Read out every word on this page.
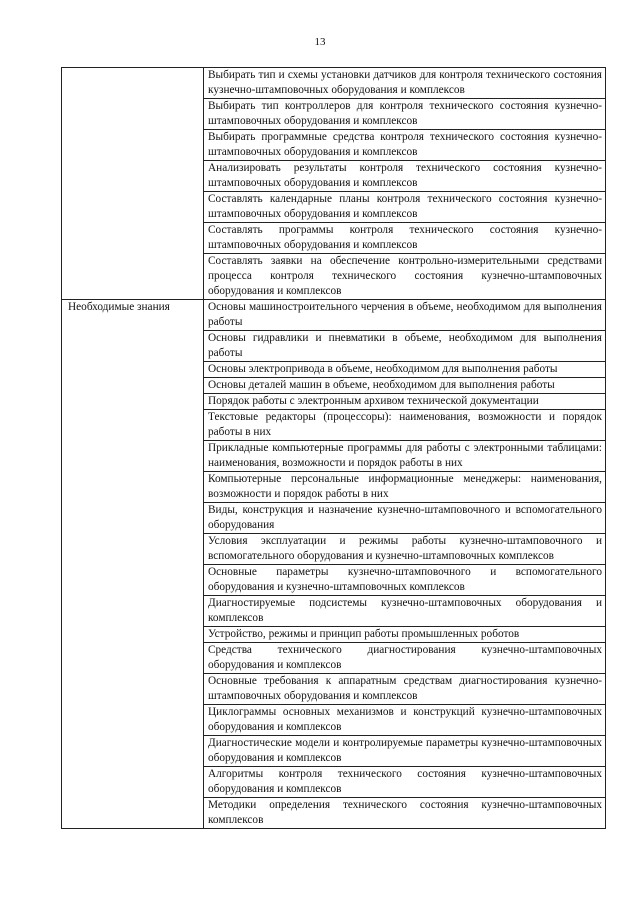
13

	Выбирать тип и схемы установки датчиков для контроля технического состояния кузнечно-штамповочных оборудования и комплексов

	Выбирать тип контроллеров для контроля технического состояния кузнечно-штамповочных оборудования и комплексов

	Выбирать программные средства контроля технического состояния кузнечно-штамповочных оборудования и комплексов

	Анализировать результаты контроля технического состояния кузнечно-штамповочных оборудования и комплексов

	Составлять календарные планы контроля технического состояния кузнечно-штамповочных оборудования и комплексов

	Составлять программы контроля технического состояния кузнечно-штамповочных оборудования и комплексов

	Составлять заявки на обеспечение контрольно-измерительными средствами процесса контроля технического состояния кузнечно-штамповочных оборудования и комплексов

Необходимые знания	Основы машиностроительного черчения в объеме, необходимом для выполнения работы

	Основы гидравлики и пневматики в объеме, необходимом для выполнения работы

	Основы электропривода в объеме, необходимом для выполнения работы

	Основы деталей машин в объеме, необходимом для выполнения работы

	Порядок работы с электронным архивом технической документации

	Текстовые редакторы (процессоры): наименования, возможности и порядок работы в них

	Прикладные компьютерные программы для работы с электронными таблицами: наименования, возможности и порядок работы в них

	Компьютерные персональные информационные менеджеры: наименования, возможности и порядок работы в них

	Виды, конструкция и назначение кузнечно-штамповочного и вспомогательного оборудования

	Условия эксплуатации и режимы работы кузнечно-штамповочного и вспомогательного оборудования и кузнечно-штамповочных комплексов

	Основные параметры кузнечно-штамповочного и вспомогательного оборудования и кузнечно-штамповочных комплексов

	Диагностируемые подсистемы кузнечно-штамповочных оборудования и комплексов

	Устройство, режимы и принцип работы промышленных роботов

	Средства технического диагностирования кузнечно-штамповочных оборудования и комплексов

	Основные требования к аппаратным средствам диагностирования кузнечно-штамповочных оборудования и комплексов

	Циклограммы основных механизмов и конструкций кузнечно-штамповочных оборудования и комплексов

	Диагностические модели и контролируемые параметры кузнечно-штамповочных оборудования и комплексов

	Алгоритмы контроля технического состояния кузнечно-штамповочных оборудования и комплексов

	Методики определения технического состояния кузнечно-штамповочных комплексов
